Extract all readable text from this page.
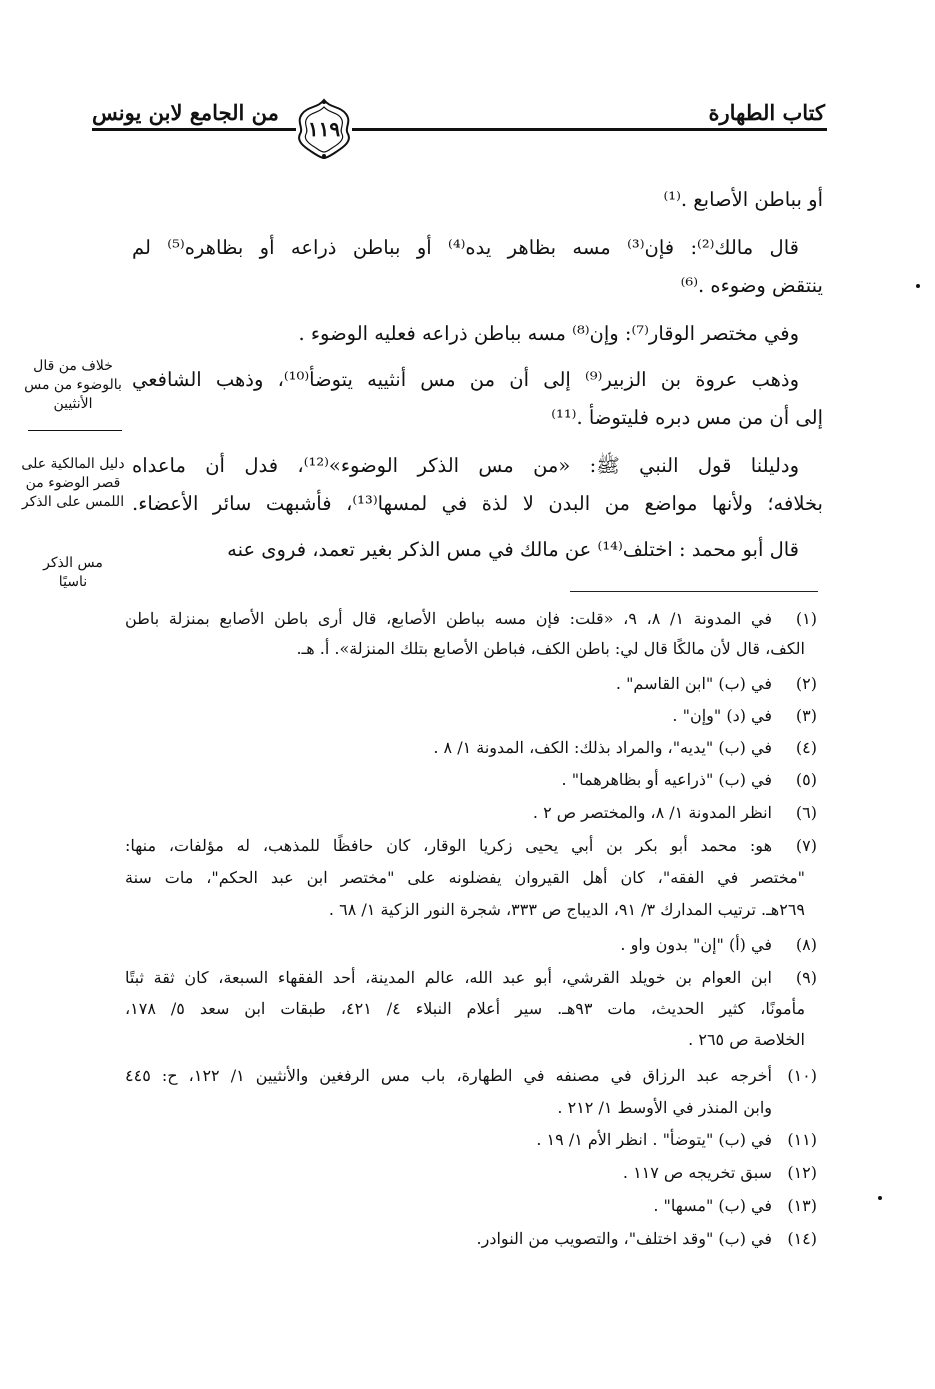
كتاب الطهارة
من الجامع لابن يونس
١١٩
أو بباطن الأصابع .⁽¹⁾
قال مالك⁽²⁾: فإن⁽³⁾ مسه بظاهر يده⁽⁴⁾ أو بباطن ذراعه أو بظاهره⁽⁵⁾ لم
ينتقض وضوءه .⁽⁶⁾
وفي مختصر الوقار⁽⁷⁾: وإن⁽⁸⁾ مسه بباطن ذراعه فعليه الوضوء .
وذهب عروة بن الزبير⁽⁹⁾ إلى أن من مس أنثييه يتوضأ⁽¹⁰⁾، وذهب الشافعي
إلى أن من مس دبره فليتوضأ .⁽¹¹⁾
ودليلنا قول النبي ﷺ: «من مس الذكر الوضوء»⁽¹²⁾، فدل أن ماعداه
بخلافه؛ ولأنها مواضع من البدن لا لذة في لمسها⁽¹³⁾، فأشبهت سائر الأعضاء.
قال أبو محمد : اختلف⁽¹⁴⁾ عن مالك في مس الذكر بغير تعمد، فروى عنه
خلاف من قال
بالوضوء من مس
الأنثيين
دليل المالكية على
قصر الوضوء من
اللمس على الذكر
مس الذكر
ناسيًا
(١)
في المدونة ١/ ٨، ٩، «قلت: فإن مسه بباطن الأصابع، قال أرى باطن الأصابع بمنزلة باطن
الكف، قال لأن مالكًا قال لي: باطن الكف، فباطن الأصابع بتلك المنزلة». أ. هـ.
(٢)
في (ب) "ابن القاسم" .
(٣)
في (د) "وإن" .
(٤)
في (ب) "يديه"، والمراد بذلك: الكف، المدونة ١/ ٨ .
(٥)
في (ب) "ذراعيه أو بظاهرهما" .
(٦)
انظر المدونة ١/ ٨، والمختصر ص ٢ .
(٧)
هو: محمد أبو بكر بن أبي يحيى زكريا الوقار، كان حافظًا للمذهب، له مؤلفات، منها:
"مختصر في الفقه"، كان أهل القيروان يفضلونه على "مختصر ابن عبد الحكم"، مات سنة
٢٦٩هـ. ترتيب المدارك ٣/ ٩١، الديباج ص ٣٣٣، شجرة النور الزكية ١/ ٦٨ .
(٨)
في (أ) "إن" بدون واو .
(٩)
ابن العوام بن خويلد القرشي، أبو عبد الله، عالم المدينة، أحد الفقهاء السبعة، كان ثقة ثبتًا
مأمونًا، كثير الحديث، مات ٩٣هـ. سير أعلام النبلاء ٤/ ٤٢١، طبقات ابن سعد ٥/ ١٧٨،
الخلاصة ص ٢٦٥ .
(١٠)
أخرجه عبد الرزاق في مصنفه في الطهارة، باب مس الرفغين والأنثيين ١/ ١٢٢، ح: ٤٤٥
وابن المنذر في الأوسط ١/ ٢١٢ .
(١١)
في (ب) "يتوضأ" . انظر الأم ١/ ١٩ .
(١٢)
سبق تخريجه ص ١١٧ .
(١٣)
في (ب) "مسها" .
(١٤)
في (ب) "وقد اختلف"، والتصويب من النوادر.
